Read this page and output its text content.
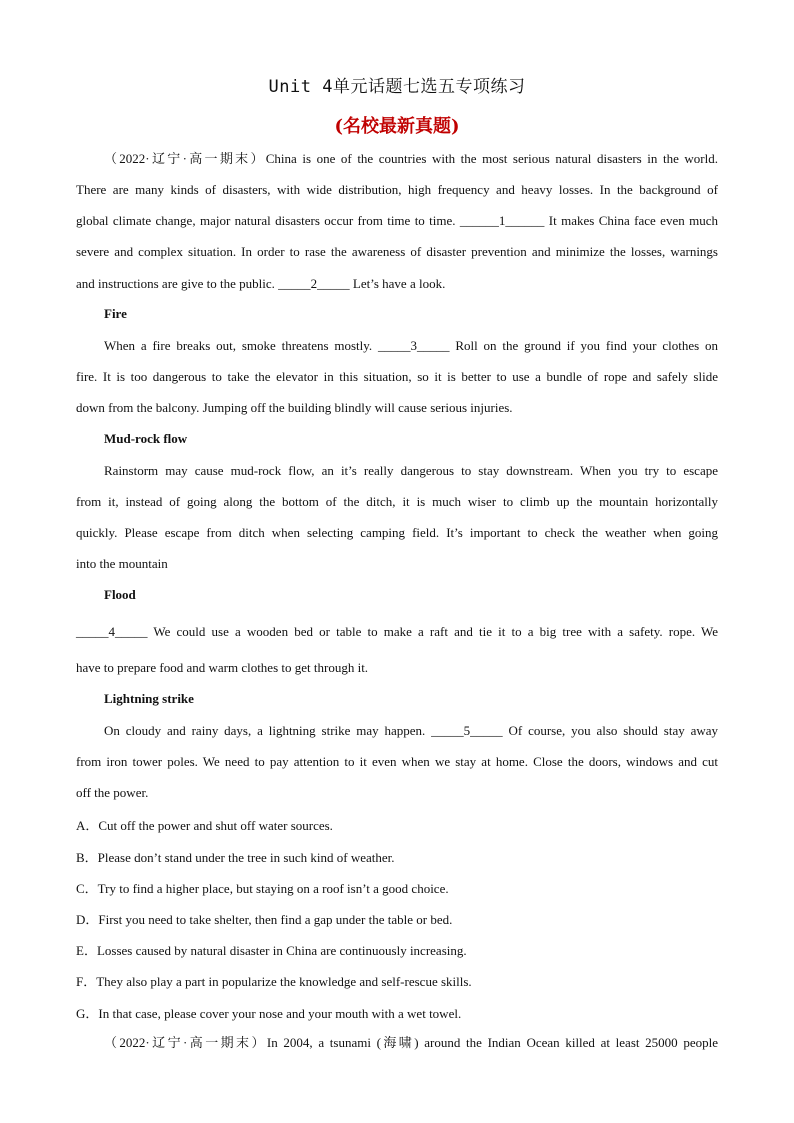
Unit 4单元话题七选五专项练习
(名校最新真题)
（2022·辽宁·高一期末）China is one of the countries with the most serious natural disasters in the world.
There are many kinds of disasters, with wide distribution, high frequency and heavy losses. In the background of
global climate change, major natural disasters occur from time to time. ______1______ It makes China face even much
severe and complex situation. In order to rase the awareness of disaster prevention and minimize the losses, warnings
and instructions are give to the public. _____2_____ Let’s have a look.
Fire
When a fire breaks out, smoke threatens mostly. _____3_____ Roll on the ground if you find your clothes on
fire. It is too dangerous to take the elevator in this situation, so it is better to use a bundle of rope and safely slide
down from the balcony. Jumping off the building blindly will cause serious injuries.
Mud-rock flow
Rainstorm may cause mud-rock flow, an it’s really dangerous to stay downstream. When you try to escape
from it, instead of going along the bottom of the ditch, it is much wiser to climb up the mountain horizontally
quickly. Please escape from ditch when selecting camping field. It’s important to check the weather when going
into the mountain
Flood
_____4_____ We could use a wooden bed or table to make a raft and tie it to a big tree with a safety. rope. We
have to prepare food and warm clothes to get through it.
Lightning strike
On cloudy and rainy days, a lightning strike may happen. _____5_____ Of course, you also should stay away
from iron tower poles. We need to pay attention to it even when we stay at home. Close the doors, windows and cut
off the power.
A．Cut off the power and shut off water sources.
B．Please don’t stand under the tree in such kind of weather.
C．Try to find a higher place, but staying on a roof isn’t a good choice.
D．First you need to take shelter, then find a gap under the table or bed.
E．Losses caused by natural disaster in China are continuously increasing.
F．They also play a part in popularize the knowledge and self-rescue skills.
G．In that case, please cover your nose and your mouth with a wet towel.
（2022·辽宁·高一期末）In 2004, a tsunami (海啸) around the Indian Ocean killed at least 25000 people
